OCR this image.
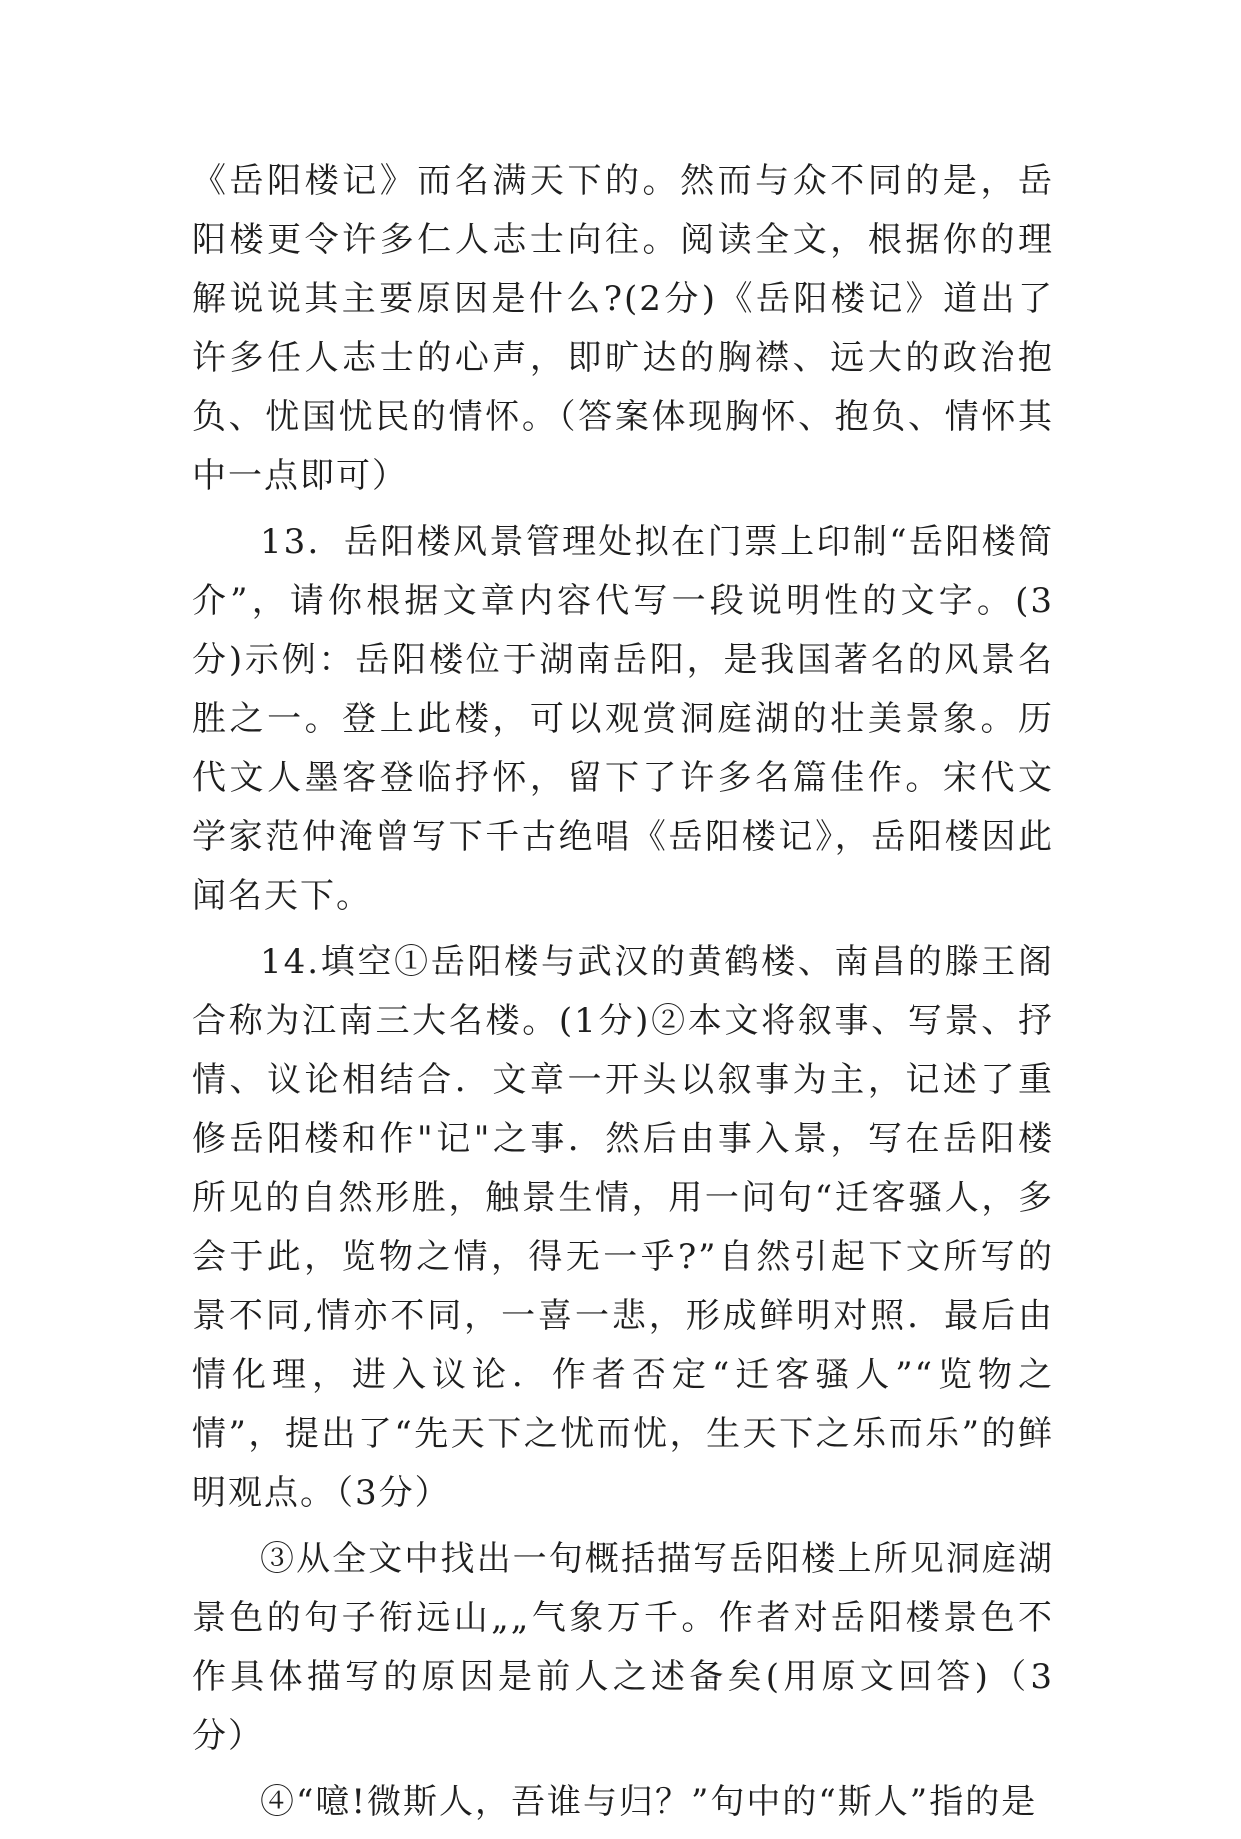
《岳阳楼记》而名满天下的。然而与众不同的是，岳阳楼更令许多仁人志士向往。阅读全文，根据你的理解说说其主要原因是什么?(2分)《岳阳楼记》道出了许多任人志士的心声，即旷达的胸襟、远大的政治抱负、忧国忧民的情怀。（答案体现胸怀、抱负、情怀其中一点即可）

13．岳阳楼风景管理处拟在门票上印制“岳阳楼简介”，请你根据文章内容代写一段说明性的文字。(3分)示例：岳阳楼位于湖南岳阳，是我国著名的风景名胜之一。登上此楼，可以观赏洞庭湖的壮美景象。历代文人墨客登临抒怀，留下了许多名篇佳作。宋代文学家范仲淹曾写下千古绝唱《岳阳楼记》，岳阳楼因此闻名天下。

14.填空①岳阳楼与武汉的黄鹤楼、南昌的滕王阁合称为江南三大名楼。(1分)②本文将叙事、写景、抒情、议论相结合．文章一开头以叙事为主，记述了重修岳阳楼和作"记"之事．然后由事入景，写在岳阳楼所见的自然形胜，触景生情，用一问句“迁客骚人，多会于此，览物之情，得无一乎?”自然引起下文所写的景不同,情亦不同，一喜一悲，形成鲜明对照．最后由情化理，进入议论．作者否定“迁客骚人”“览物之情”，提出了“先天下之忧而忧，生天下之乐而乐”的鲜明观点。（3分）

③从全文中找出一句概括描写岳阳楼上所见洞庭湖景色的句子衔远山„„气象万千。作者对岳阳楼景色不作具体描写的原因是前人之述备矣(用原文回答)（3分）

④“噫!微斯人，吾谁与归？”句中的“斯人”指的是
